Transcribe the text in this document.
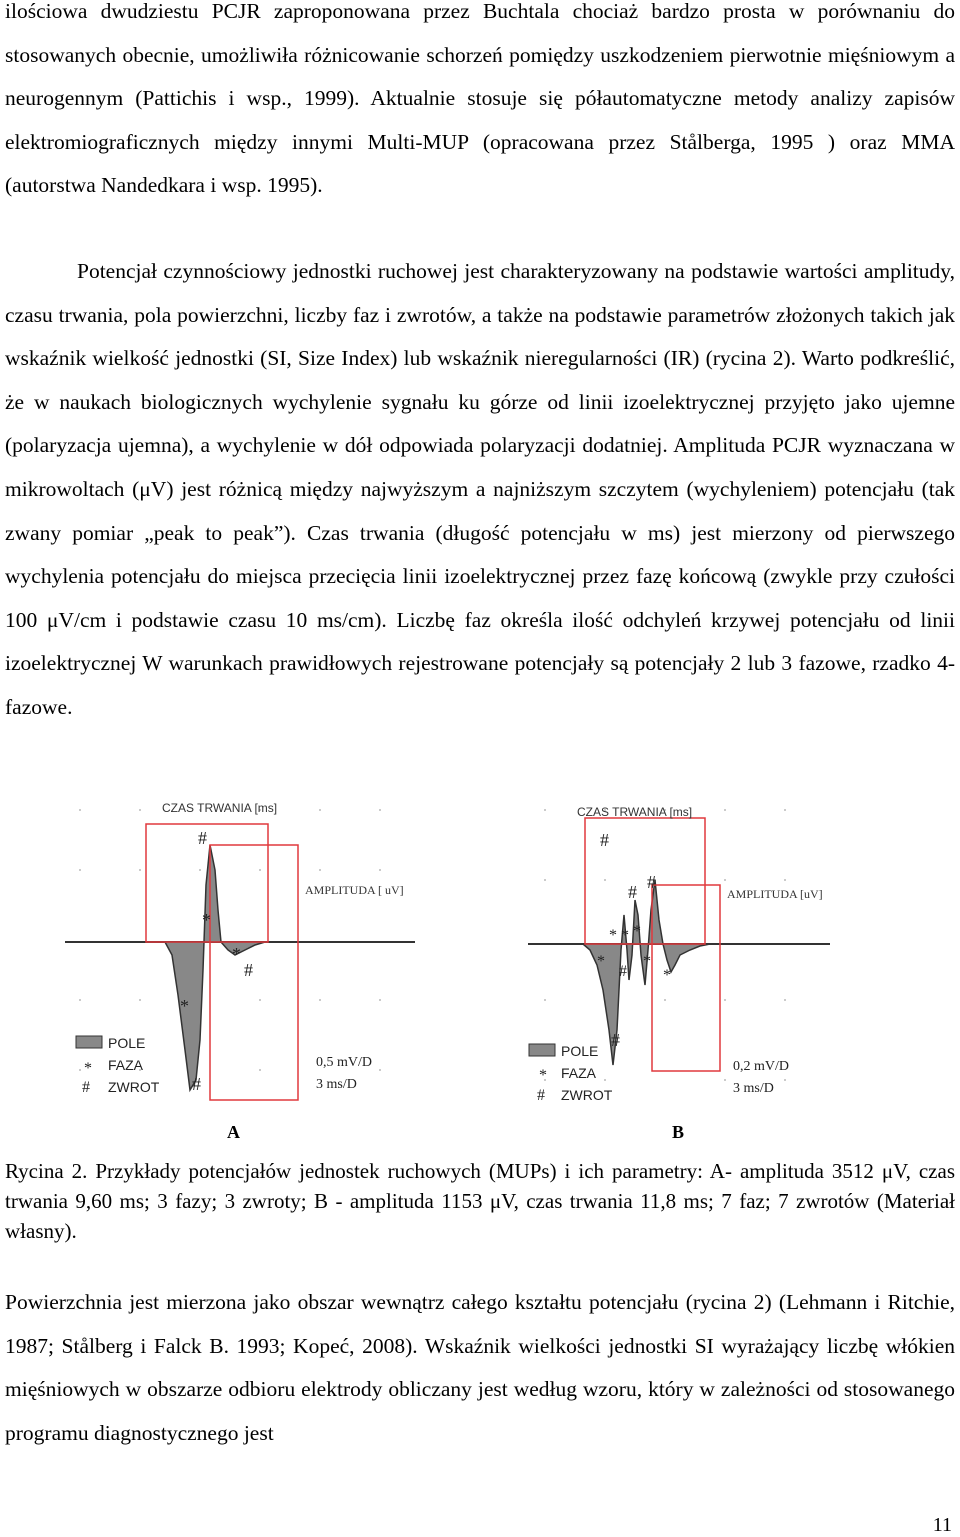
ilościowa dwudziestu PCJR zaproponowana przez Buchtala chociaż bardzo prosta w porównaniu do stosowanych obecnie, umożliwiła różnicowanie schorzeń pomiędzy uszkodzeniem pierwotnie mięśniowym a neurogennym (Pattichis i wsp., 1999). Aktualnie stosuje się półautomatyczne metody analizy zapisów elektromiograficznych między innymi Multi-MUP (opracowana przez Stålberga, 1995 ) oraz MMA (autorstwa Nandedkara i wsp. 1995).

Potencjał czynnościowy jednostki ruchowej jest charakteryzowany na podstawie wartości amplitudy, czasu trwania, pola powierzchni, liczby faz i zwrotów, a także na podstawie parametrów złożonych takich jak wskaźnik wielkość jednostki (SI, Size Index) lub wskaźnik nieregularności (IR) (rycina 2). Warto podkreślić, że w naukach biologicznych wychylenie sygnału ku górze od linii izoelektrycznej przyjęto jako ujemne (polaryzacja ujemna), a wychylenie w dół odpowiada polaryzacji dodatniej. Amplituda PCJR wyznaczana w mikrowoltach (μV) jest różnicą między najwyższym a najniższym szczytem (wychyleniem) potencjału (tak zwany pomiar „peak to peak”). Czas trwania (długość potencjału w ms) jest mierzony od pierwszego wychylenia potencjału do miejsca przecięcia linii izoelektrycznej przez fazę końcową (zwykle przy czułości 100 μV/cm i podstawie czasu 10 ms/cm). Liczbę faz określa ilość odchyleń krzywej potencjału od linii izoelektrycznej W warunkach prawidłowych rejestrowane potencjały są potencjały 2 lub 3 fazowe, rzadko 4- fazowe.

CZAS TRWANIA [ms]
AMPLITUDA [ uV]
#
*
*
#
*
#
POLE
* FAZA
# ZWROT
0,5 mV/D
3 ms/D
CZAS TRWANIA [ms]
AMPLITUDA [uV]
#
#
#
* * *
*
#
*
*
#
POLE
* FAZA
# ZWROT
0,2 mV/D
3 ms/D
A	B
Rycina 2. Przykłady potencjałów jednostek ruchowych (MUPs) i ich parametry: A- amplituda 3512 μV, czas trwania 9,60 ms; 3 fazy; 3 zwroty; B - amplituda 1153 μV, czas trwania 11,8 ms; 7 faz; 7 zwrotów (Materiał własny).

Powierzchnia jest mierzona jako obszar wewnątrz całego kształtu potencjału (rycina 2) (Lehmann i Ritchie, 1987; Stålberg i Falck B. 1993; Kopeć, 2008). Wskaźnik wielkości jednostki SI wyrażający liczbę włókien mięśniowych w obszarze odbioru elektrody obliczany jest według wzoru, który w zależności od stosowanego programu diagnostycznego jest

11
